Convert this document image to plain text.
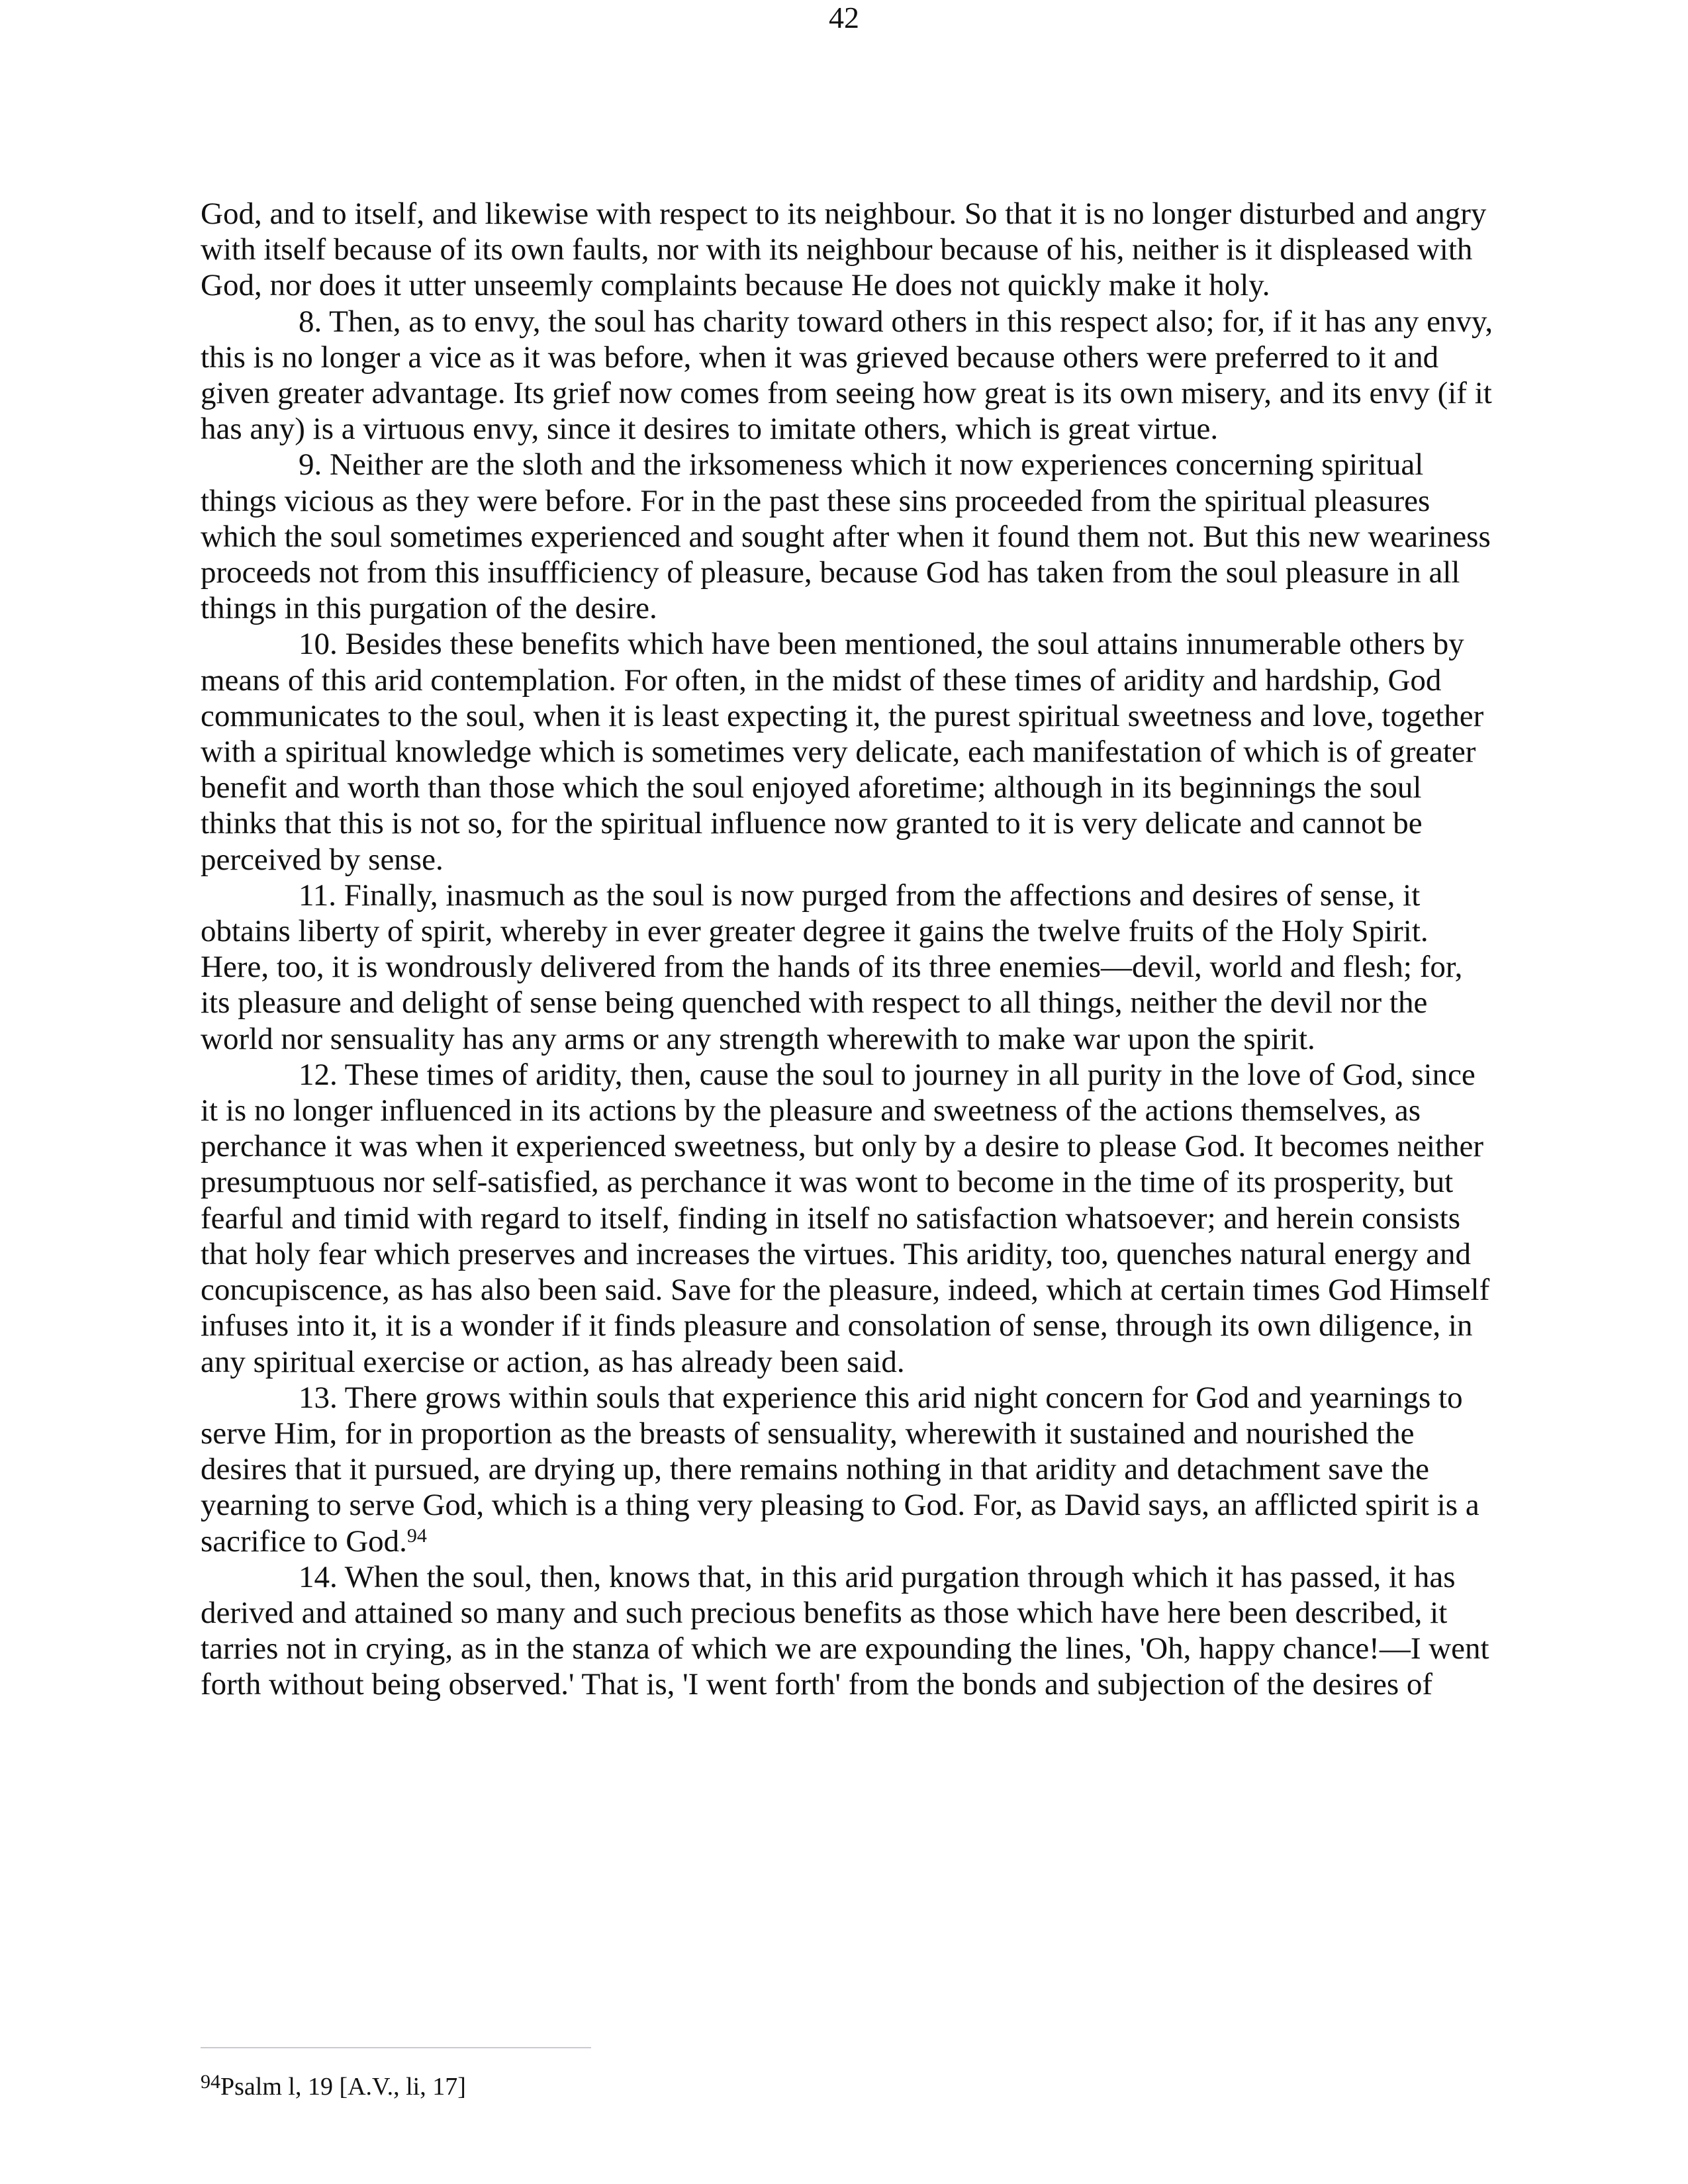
42

God, and to itself, and likewise with respect to its neighbour. So that it is no longer disturbed and angry with itself because of its own faults, nor with its neighbour because of his, neither is it displeased with God, nor does it utter unseemly complaints because He does not quickly make it holy.

8. Then, as to envy, the soul has charity toward others in this respect also; for, if it has any envy, this is no longer a vice as it was before, when it was grieved because others were preferred to it and given greater advantage. Its grief now comes from seeing how great is its own misery, and its envy (if it has any) is a virtuous envy, since it desires to imitate others, which is great virtue.

9. Neither are the sloth and the irksomeness which it now experiences concerning spiritual things vicious as they were before. For in the past these sins proceeded from the spiritual pleasures which the soul sometimes experienced and sought after when it found them not. But this new weariness proceeds not from this insuffficiency of pleasure, because God has taken from the soul pleasure in all things in this purgation of the desire.

10. Besides these benefits which have been mentioned, the soul attains innumerable others by means of this arid contemplation. For often, in the midst of these times of aridity and hardship, God communicates to the soul, when it is least expecting it, the purest spiritual sweetness and love, together with a spiritual knowledge which is sometimes very delicate, each manifestation of which is of greater benefit and worth than those which the soul enjoyed aforetime; although in its beginnings the soul thinks that this is not so, for the spiritual influence now granted to it is very delicate and cannot be perceived by sense.

11. Finally, inasmuch as the soul is now purged from the affections and desires of sense, it obtains liberty of spirit, whereby in ever greater degree it gains the twelve fruits of the Holy Spirit. Here, too, it is wondrously delivered from the hands of its three enemies—devil, world and flesh; for, its pleasure and delight of sense being quenched with respect to all things, neither the devil nor the world nor sensuality has any arms or any strength wherewith to make war upon the spirit.

12. These times of aridity, then, cause the soul to journey in all purity in the love of God, since it is no longer influenced in its actions by the pleasure and sweetness of the actions themselves, as perchance it was when it experienced sweetness, but only by a desire to please God. It becomes neither presumptuous nor self-satisfied, as perchance it was wont to become in the time of its prosperity, but fearful and timid with regard to itself, finding in itself no satisfaction whatsoever; and herein consists that holy fear which preserves and increases the virtues. This aridity, too, quenches natural energy and concupiscence, as has also been said. Save for the pleasure, indeed, which at certain times God Himself infuses into it, it is a wonder if it finds pleasure and consolation of sense, through its own diligence, in any spiritual exercise or action, as has already been said.

13. There grows within souls that experience this arid night concern for God and yearnings to serve Him, for in proportion as the breasts of sensuality, wherewith it sustained and nourished the desires that it pursued, are drying up, there remains nothing in that aridity and detachment save the yearning to serve God, which is a thing very pleasing to God. For, as David says, an afflicted spirit is a sacrifice to God.$^{94}$

14. When the soul, then, knows that, in this arid purgation through which it has passed, it has derived and attained so many and such precious benefits as those which have here been described, it tarries not in crying, as in the stanza of which we are expounding the lines, 'Oh, happy chance!—I went forth without being observed.' That is, 'I went forth' from the bonds and subjection of the desires of

$^{94}$Psalm l, 19 [A.V., li, 17]
